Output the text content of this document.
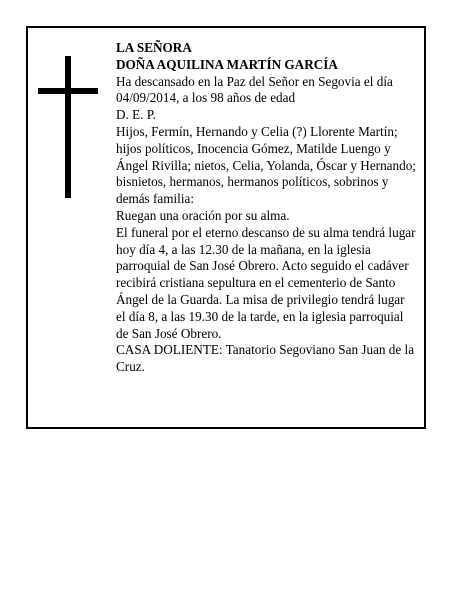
LA SEÑORA

DOÑA AQUILINA MARTÍN GARCÍA

Ha descansado en la Paz del Señor en Segovia el día 04/09/2014, a los 98 años de edad

D. E. P.

Hijos, Fermín, Hernando y Celia (?) Llorente Martín; hijos políticos, Inocencia Gómez, Matilde Luengo y Ángel Rivilla; nietos, Celia, Yolanda, Óscar y Hernando; bisnietos, hermanos, hermanos políticos, sobrinos y demás familia:

Ruegan una oración por su alma.

El funeral por el eterno descanso de su alma tendrá lugar hoy día 4, a las 12.30 de la mañana, en la iglesia parroquial de San José Obrero. Acto seguido el cadáver recibirá cristiana sepultura en el cementerio de Santo Ángel de la Guarda. La misa de privilegio tendrá lugar el día 8, a las 19.30 de la tarde, en la iglesia parroquial de San José Obrero.

CASA DOLIENTE: Tanatorio Segoviano San Juan de la Cruz.
